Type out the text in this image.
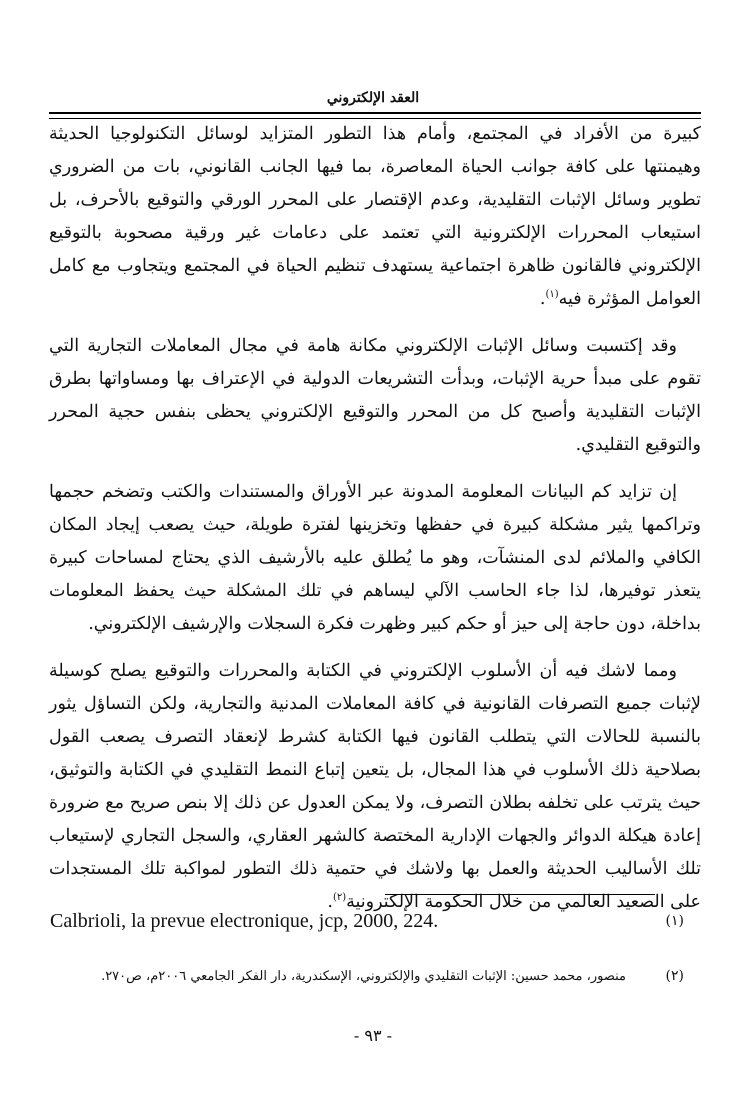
العقد الإلكتروني

كبيرة من الأفراد في المجتمع، وأمام هذا التطور المتزايد لوسائل التكنولوجيا الحديثة وهيمنتها على كافة جوانب الحياة المعاصرة، بما فيها الجانب القانوني، بات من الضروري تطوير وسائل الإثبات التقليدية، وعدم الإقتصار على المحرر الورقي والتوقيع بالأحرف، بل استيعاب المحررات الإلكترونية التي تعتمد على دعامات غير ورقية مصحوبة بالتوقيع الإلكتروني فالقانون ظاهرة اجتماعية يستهدف تنظيم الحياة في المجتمع ويتجاوب مع كامل العوامل المؤثرة فيه$^{(١)}$.

وقد إكتسبت وسائل الإثبات الإلكتروني مكانة هامة في مجال المعاملات التجارية التي تقوم على مبدأ حرية الإثبات، وبدأت التشريعات الدولية في الإعتراف بها ومساواتها بطرق الإثبات التقليدية وأصبح كل من المحرر والتوقيع الإلكتروني يحظى بنفس حجية المحرر والتوقيع التقليدي.

إن تزايد كم البيانات المعلومة المدونة عبر الأوراق والمستندات والكتب وتضخم حجمها وتراكمها يثير مشكلة كبيرة في حفظها وتخزينها لفترة طويلة، حيث يصعب إيجاد المكان الكافي والملائم لدى المنشآت، وهو ما يُطلق عليه بالأرشيف الذي يحتاج لمساحات كبيرة يتعذر توفيرها، لذا جاء الحاسب الآلي ليساهم في تلك المشكلة حيث يحفظ المعلومات بداخلة، دون حاجة إلى حيز أو حكم كبير وظهرت فكرة السجلات والإرشيف الإلكتروني.

ومما لاشك فيه أن الأسلوب الإلكتروني في الكتابة والمحررات والتوقيع يصلح كوسيلة لإثبات جميع التصرفات القانونية في كافة المعاملات المدنية والتجارية، ولكن التساؤل يثور بالنسبة للحالات التي يتطلب القانون فيها الكتابة كشرط لإنعقاد التصرف يصعب القول بصلاحية ذلك الأسلوب في هذا المجال، بل يتعين إتباع النمط التقليدي في الكتابة والتوثيق، حيث يترتب على تخلفه بطلان التصرف، ولا يمكن العدول عن ذلك إلا بنص صريح مع ضرورة إعادة هيكلة الدوائر والجهات الإدارية المختصة كالشهر العقاري، والسجل التجاري لإستيعاب تلك الأساليب الحديثة والعمل بها ولاشك في حتمية ذلك التطور لمواكبة تلك المستجدات على الصعيد العالمي من خلال الحكومة الإلكترونية$^{(٢)}$.

(١)
Calbrioli, la prevue electronique, jcp, 2000, 224.
(٢)
منصور، محمد حسين: الإثبات التقليدي والإلكتروني، الإسكندرية، دار الفكر الجامعي ٢٠٠٦م، ص٢٧٠.
- ٩٣ -
